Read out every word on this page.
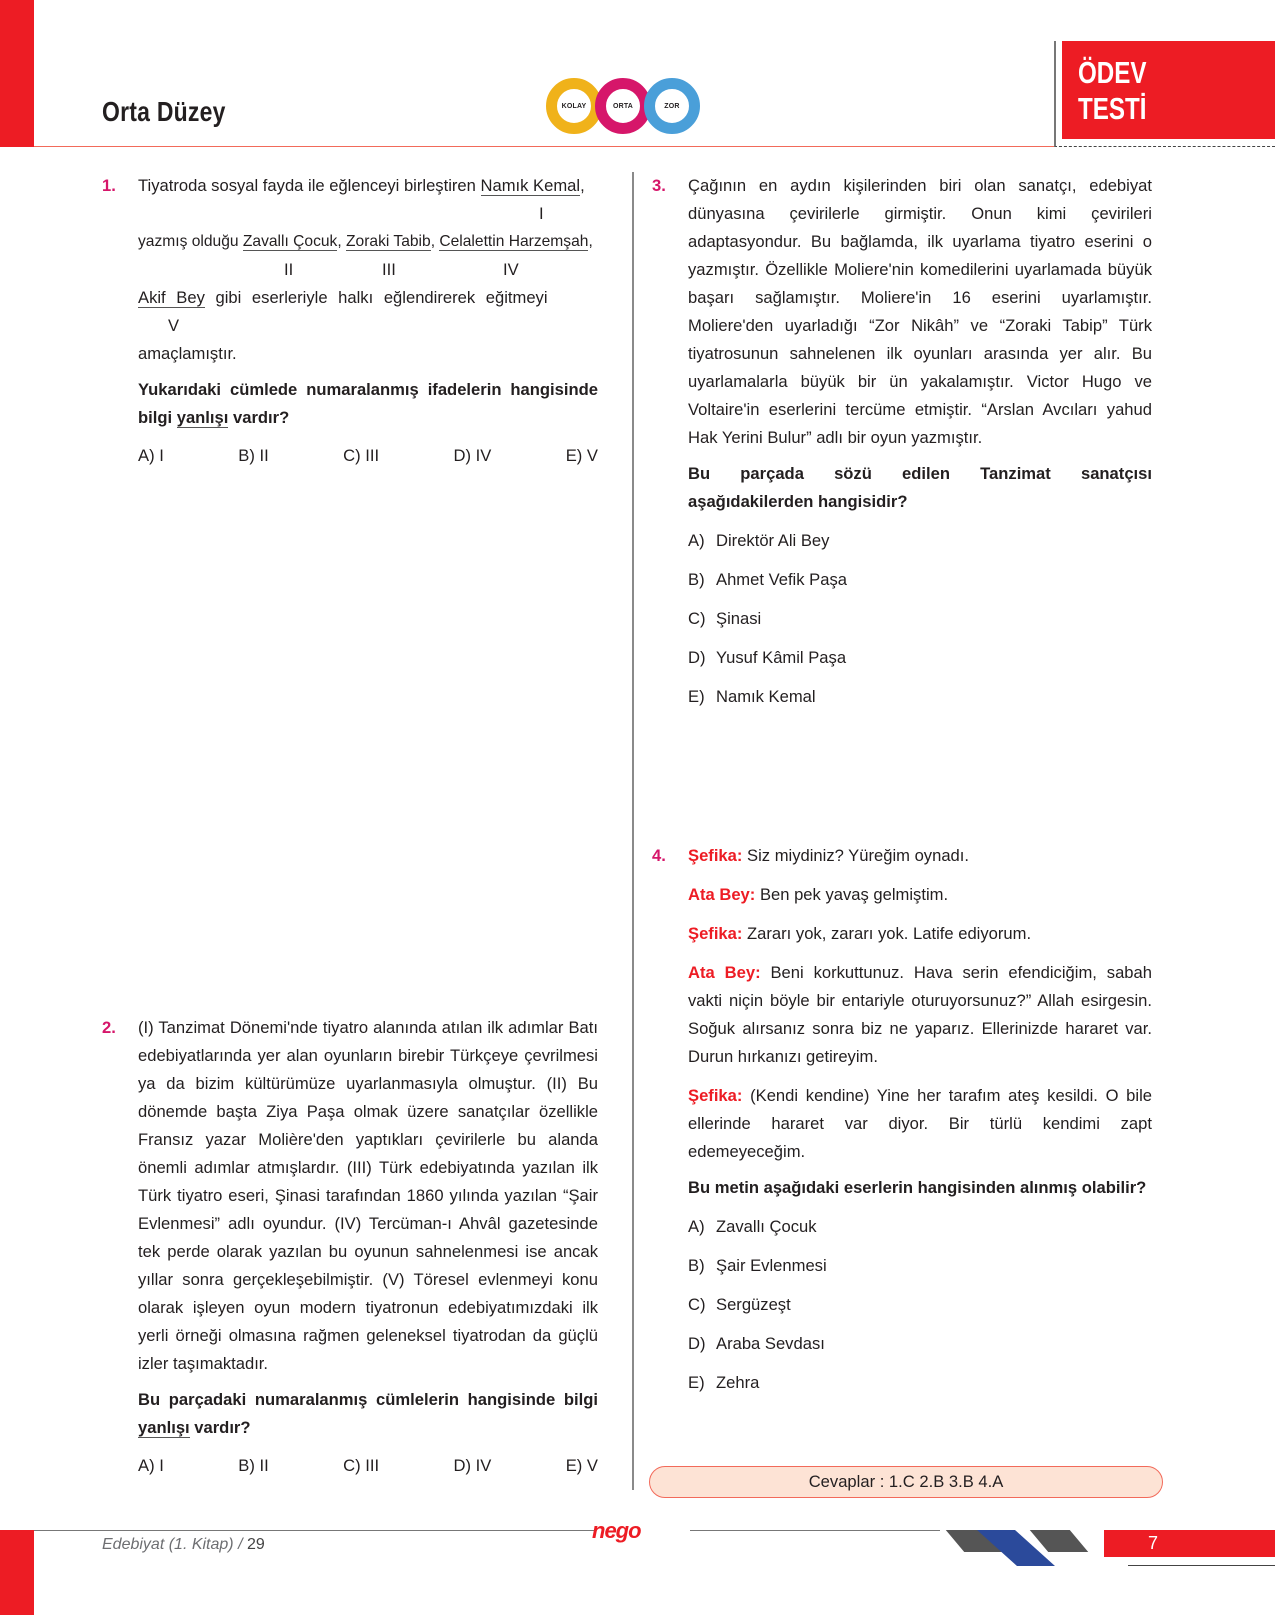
Orta Düzey	KOLAY	ORTA	ZOR
ÖDEV
TESTİ
1. Tiyatroda sosyal fayda ile eğlenceyi birleştiren Namık Kemal,
I
yazmış olduğu Zavallı Çocuk, Zoraki Tabib, Celalettin Harzemşah,
II	III	IV
Akif Bey gibi eserleriyle halkı eğlendirerek eğitmeyi
V
amaçlamıştır.

Yukarıdaki cümlede numaralanmış ifadelerin hangisinde bilgi yanlışı vardır?

A) I	B) II	C) III	D) IV	E) V
2. (I) Tanzimat Dönemi'nde tiyatro alanında atılan ilk adımlar Batı edebiyatlarında yer alan oyunların birebir Türkçeye çevrilmesi ya da bizim kültürümüze uyarlanmasıyla olmuştur. (II) Bu dönemde başta Ziya Paşa olmak üzere sanatçılar özellikle Fransız yazar Molière'den yaptıkları çevirilerle bu alanda önemli adımlar atmışlardır. (III) Türk edebiyatında yazılan ilk Türk tiyatro eseri, Şinasi tarafından 1860 yılında yazılan “Şair Evlenmesi” adlı oyundur. (IV) Tercüman-ı Ahvâl gazetesinde tek perde olarak yazılan bu oyunun sahnelenmesi ise ancak yıllar sonra gerçekleşebilmiştir. (V) Töresel evlenmeyi konu olarak işleyen oyun modern tiyatronun edebiyatımızdaki ilk yerli örneği olmasına rağmen geleneksel tiyatrodan da güçlü izler taşımaktadır.

Bu parçadaki numaralanmış cümlelerin hangisinde bilgi yanlışı vardır?

A) I	B) II	C) III	D) IV	E) V
3. Çağının en aydın kişilerinden biri olan sanatçı, edebiyat dünyasına çevirilerle girmiştir. Onun kimi çevirileri adaptasyondur. Bu bağlamda, ilk uyarlama tiyatro eserini o yazmıştır. Özellikle Moliere'nin komedilerini uyarlamada büyük başarı sağlamıştır. Moliere'in 16 eserini uyarlamıştır. Moliere'den uyarladığı “Zor Nikâh” ve “Zoraki Tabip” Türk tiyatrosunun sahnelenen ilk oyunları arasında yer alır. Bu uyarlamalarla büyük bir ün yakalamıştır. Victor Hugo ve Voltaire'in eserlerini tercüme etmiştir. “Arslan Avcıları yahud Hak Yerini Bulur” adlı bir oyun yazmıştır.

Bu parçada sözü edilen Tanzimat sanatçısı aşağıdakilerden hangisidir?

A) Direktör Ali Bey
B) Ahmet Vefik Paşa
C) Şinasi
D) Yusuf Kâmil Paşa
E) Namık Kemal
4. Şefika: Siz miydiniz? Yüreğim oynadı.

Ata Bey: Ben pek yavaş gelmiştim.

Şefika: Zararı yok, zararı yok. Latife ediyorum.

Ata Bey: Beni korkuttunuz. Hava serin efendiciğim, sabah vakti niçin böyle bir entariyle oturuyorsunuz?” Allah esirgesin. Soğuk alırsanız sonra biz ne yaparız. Ellerinizde hararet var. Durun hırkanızı getireyim.

Şefika: (Kendi kendine) Yine her tarafım ateş kesildi. O bile ellerinde hararet var diyor. Bir türlü kendimi zapt edemeyeceğim.

Bu metin aşağıdaki eserlerin hangisinden alınmış olabilir?

A) Zavallı Çocuk
B) Şair Evlenmesi
C) Sergüzeşt
D) Araba Sevdası
E) Zehra
Cevaplar : 1.C 2.B 3.B 4.A
Edebiyat (1. Kitap) / 29
nego	7
